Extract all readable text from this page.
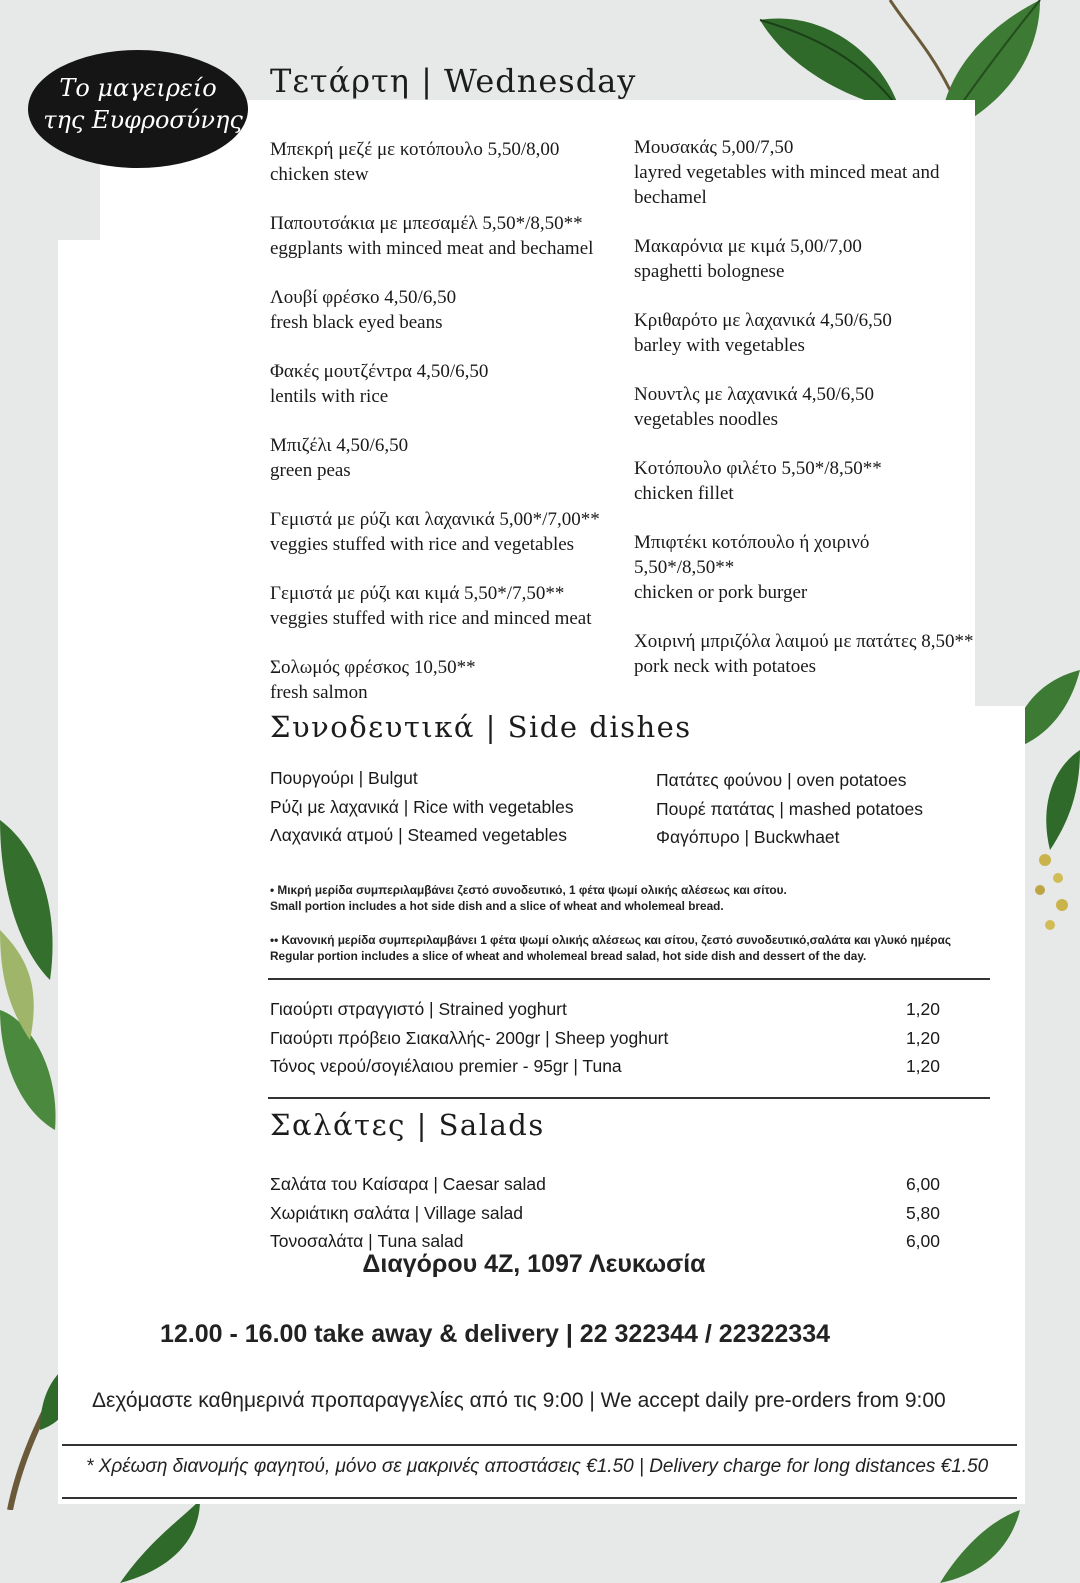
Το μαγειρείο
της Ευφροσύνης
Τετάρτη | Wednesday
Μπεκρή μεζέ με κοτόπουλο 5,50/8,00
chicken stew
Παπουτσάκια με μπεσαμέλ 5,50*/8,50**
eggplants with minced meat and bechamel
Λουβί φρέσκο 4,50/6,50
fresh black eyed beans
Φακές μουτζέντρα 4,50/6,50
lentils with rice
Μπιζέλι 4,50/6,50
green peas
Γεμιστά με ρύζι και λαχανικά 5,00*/7,00**
veggies stuffed with rice and vegetables
Γεμιστά με ρύζι και κιμά 5,50*/7,50**
veggies stuffed with rice and minced meat
Σολωμός φρέσκος 10,50**
fresh salmon
Μουσακάς 5,00/7,50
layred vegetables with minced meat and bechamel
Μακαρόνια με κιμά 5,00/7,00
spaghetti bolognese
Κριθαρότο με λαχανικά 4,50/6,50
barley with vegetables
Νουντλς με λαχανικά 4,50/6,50
vegetables noodles
Κοτόπουλο φιλέτο 5,50*/8,50**
chicken fillet
Μπιφτέκι κοτόπουλο ή χοιρινό 5,50*/8,50**
chicken or pork burger
Χοιρινή μπριζόλα λαιμού με πατάτες 8,50**
pork neck with potatoes
Συνοδευτικά | Side dishes
Πουργούρι | Bulgut
Ρύζι με λαχανικά | Rice with vegetables
Λαχανικά ατμού | Steamed vegetables
Πατάτες φούνου | oven potatoes
Πουρέ πατάτας | mashed potatoes
Φαγόπυρο | Buckwhaet
• Μικρή μερίδα συμπεριλαμβάνει ζεστό συνοδευτικό, 1 φέτα ψωμί ολικής αλέσεως και σίτου.
Small portion includes a hot side dish and a slice of wheat and wholemeal bread.
•• Κανονική μερίδα συμπεριλαμβάνει 1 φέτα ψωμί ολικής αλέσεως και σίτου, ζεστό συνοδευτικό,σαλάτα και γλυκό ημέρας
Regular portion includes a slice of wheat and wholemeal bread salad, hot side dish and dessert of the day.
Γιαούρτι στραγγιστό | Strained yoghurt	1,20
Γιαούρτι πρόβειο Σιακαλλής- 200gr | Sheep yoghurt	1,20
Τόνος νερού/σογιέλαιου premier - 95gr | Tuna	1,20
Σαλάτες | Salads
Σαλάτα του Καίσαρα | Caesar salad	6,00
Χωριάτικη σαλάτα | Village salad	5,80
Τονοσαλάτα | Tuna salad	6,00
Διαγόρου 4Ζ, 1097 Λευκωσία
12.00 - 16.00 take away & delivery | 22 322344 / 22322334
Δεχόμαστε καθημερινά προπαραγγελίες από τις 9:00 | We accept daily pre-orders from 9:00
* Χρέωση διανομής φαγητού, μόνο σε μακρινές αποστάσεις €1.50 | Delivery charge for long distances €1.50
